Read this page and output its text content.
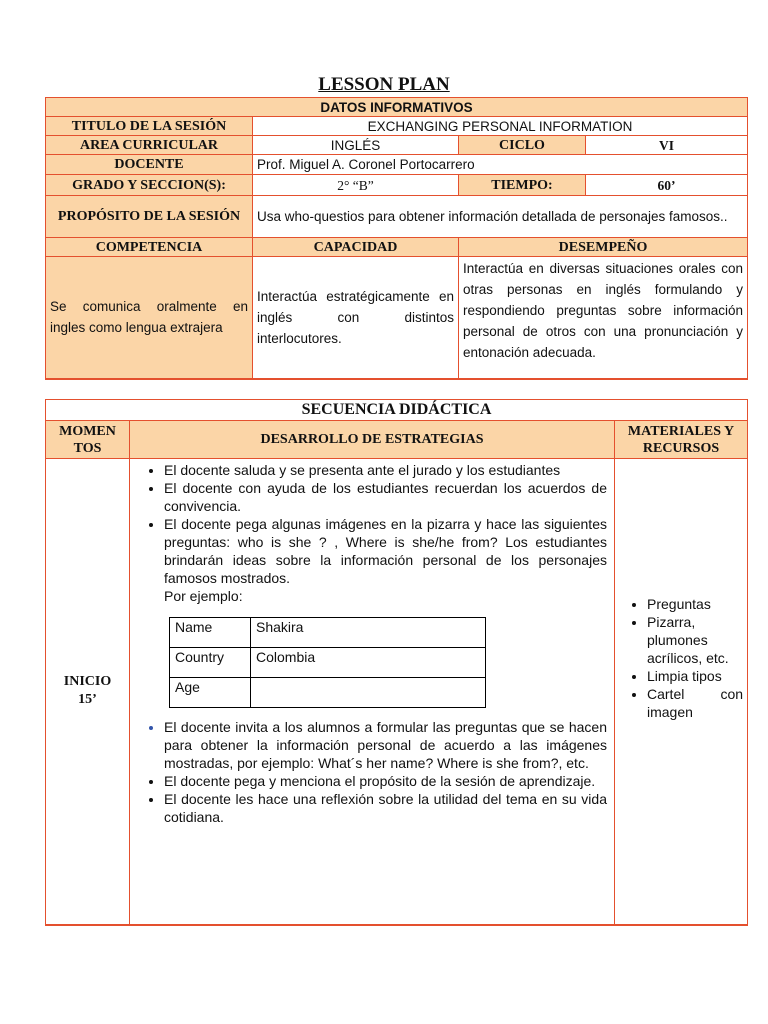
LESSON PLAN
DATOS INFORMATIVOS			
TITULO DE LA SESIÓN	EXCHANGING PERSONAL INFORMATION		
AREA CURRICULAR	INGLÉS	CICLO	VI
DOCENTE	Prof. Miguel A. Coronel Portocarrero		
GRADO Y SECCION(S):	2° “B”	TIEMPO:	60’
PROPÓSITO DE LA SESIÓN	Usa who-questios para obtener información detallada de personajes famosos..		
COMPETENCIA	CAPACIDAD	DESEMPEÑO	
Se comunica oralmente en ingles como lengua extrajera	Interactúa estratégicamente en inglés con distintos interlocutores.	Interactúa en diversas situaciones orales con otras personas en inglés formulando y respondiendo preguntas sobre información personal de otros con una pronunciación y entonación adecuada.	
SECUENCIA DIDÁCTICA
MOMEN TOS	DESARROLLO DE ESTRATEGIAS	MATERIALES Y RECURSOS

INICIO
15’

• El docente saluda y se presenta ante el jurado y los estudiantes
• El docente con ayuda de los estudiantes recuerdan los acuerdos de convivencia.
• El docente pega algunas imágenes en la pizarra y hace las siguientes preguntas: who is she ? , Where is she/he from? Los estudiantes brindarán ideas sobre la información personal de los personajes famosos mostrados.
Por ejemplo:
Name	Shakira
Country	Colombia
Age	
• El docente invita a los alumnos a formular las preguntas que se hacen para obtener la información personal de acuerdo a las imágenes mostradas, por ejemplo: What´s her name? Where is she from?, etc.
• El docente pega y menciona el propósito de la sesión de aprendizaje.
• El docente les hace una reflexión sobre la utilidad del tema en su vida cotidiana.

• Preguntas
• Pizarra, plumones acrílicos, etc.
• Limpia tipos
• Cartel con imagen
